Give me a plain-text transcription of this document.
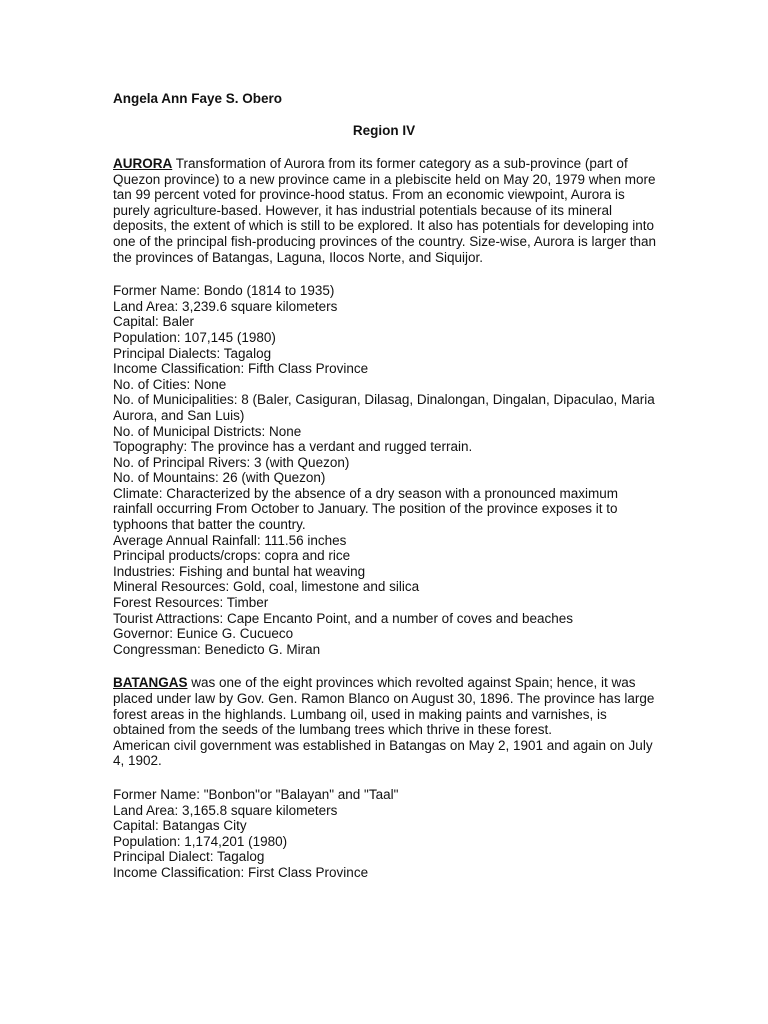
Angela Ann Faye S. Obero
Region IV

AURORA Transformation of Aurora from its former category as a sub-province (part of Quezon province) to a new province came in a plebiscite held on May 20, 1979 when more tan 99 percent voted for province-hood status. From an economic viewpoint, Aurora is purely agriculture-based. However, it has industrial potentials because of its mineral deposits, the extent of which is still to be explored. It also has potentials for developing into one of the principal fish-producing provinces of the country. Size-wise, Aurora is larger than the provinces of Batangas, Laguna, Ilocos Norte, and Siquijor.

Former Name: Bondo (1814 to 1935)

Land Area: 3,239.6 square kilometers

Capital: Baler

Population: 107,145 (1980)

Principal Dialects: Tagalog

Income Classification: Fifth Class Province

No. of Cities: None

No. of Municipalities: 8 (Baler, Casiguran, Dilasag, Dinalongan, Dingalan, Dipaculao, Maria Aurora, and San Luis)

No. of Municipal Districts: None

Topography: The province has a verdant and rugged terrain.

No. of Principal Rivers: 3 (with Quezon)

No. of Mountains: 26 (with Quezon)

Climate: Characterized by the absence of a dry season with a pronounced maximum rainfall occurring From October to January. The position of the province exposes it to typhoons that batter the country.

Average Annual Rainfall: 111.56 inches

Principal products/crops: copra and rice

Industries: Fishing and buntal hat weaving

Mineral Resources: Gold, coal, limestone and silica

Forest Resources: Timber

Tourist Attractions: Cape Encanto Point, and a number of coves and beaches

Governor: Eunice G. Cucueco

Congressman: Benedicto G. Miran

BATANGAS was one of the eight provinces which revolted against Spain; hence, it was placed under law by Gov. Gen. Ramon Blanco on August 30, 1896. The province has large forest areas in the highlands. Lumbang oil, used in making paints and varnishes, is obtained from the seeds of the lumbang trees which thrive in these forest.

American civil government was established in Batangas on May 2, 1901 and again on July 4, 1902.

Former Name: "Bonbon"or "Balayan" and "Taal"

Land Area: 3,165.8 square kilometers

Capital: Batangas City

Population: 1,174,201 (1980)

Principal Dialect: Tagalog

Income Classification: First Class Province
